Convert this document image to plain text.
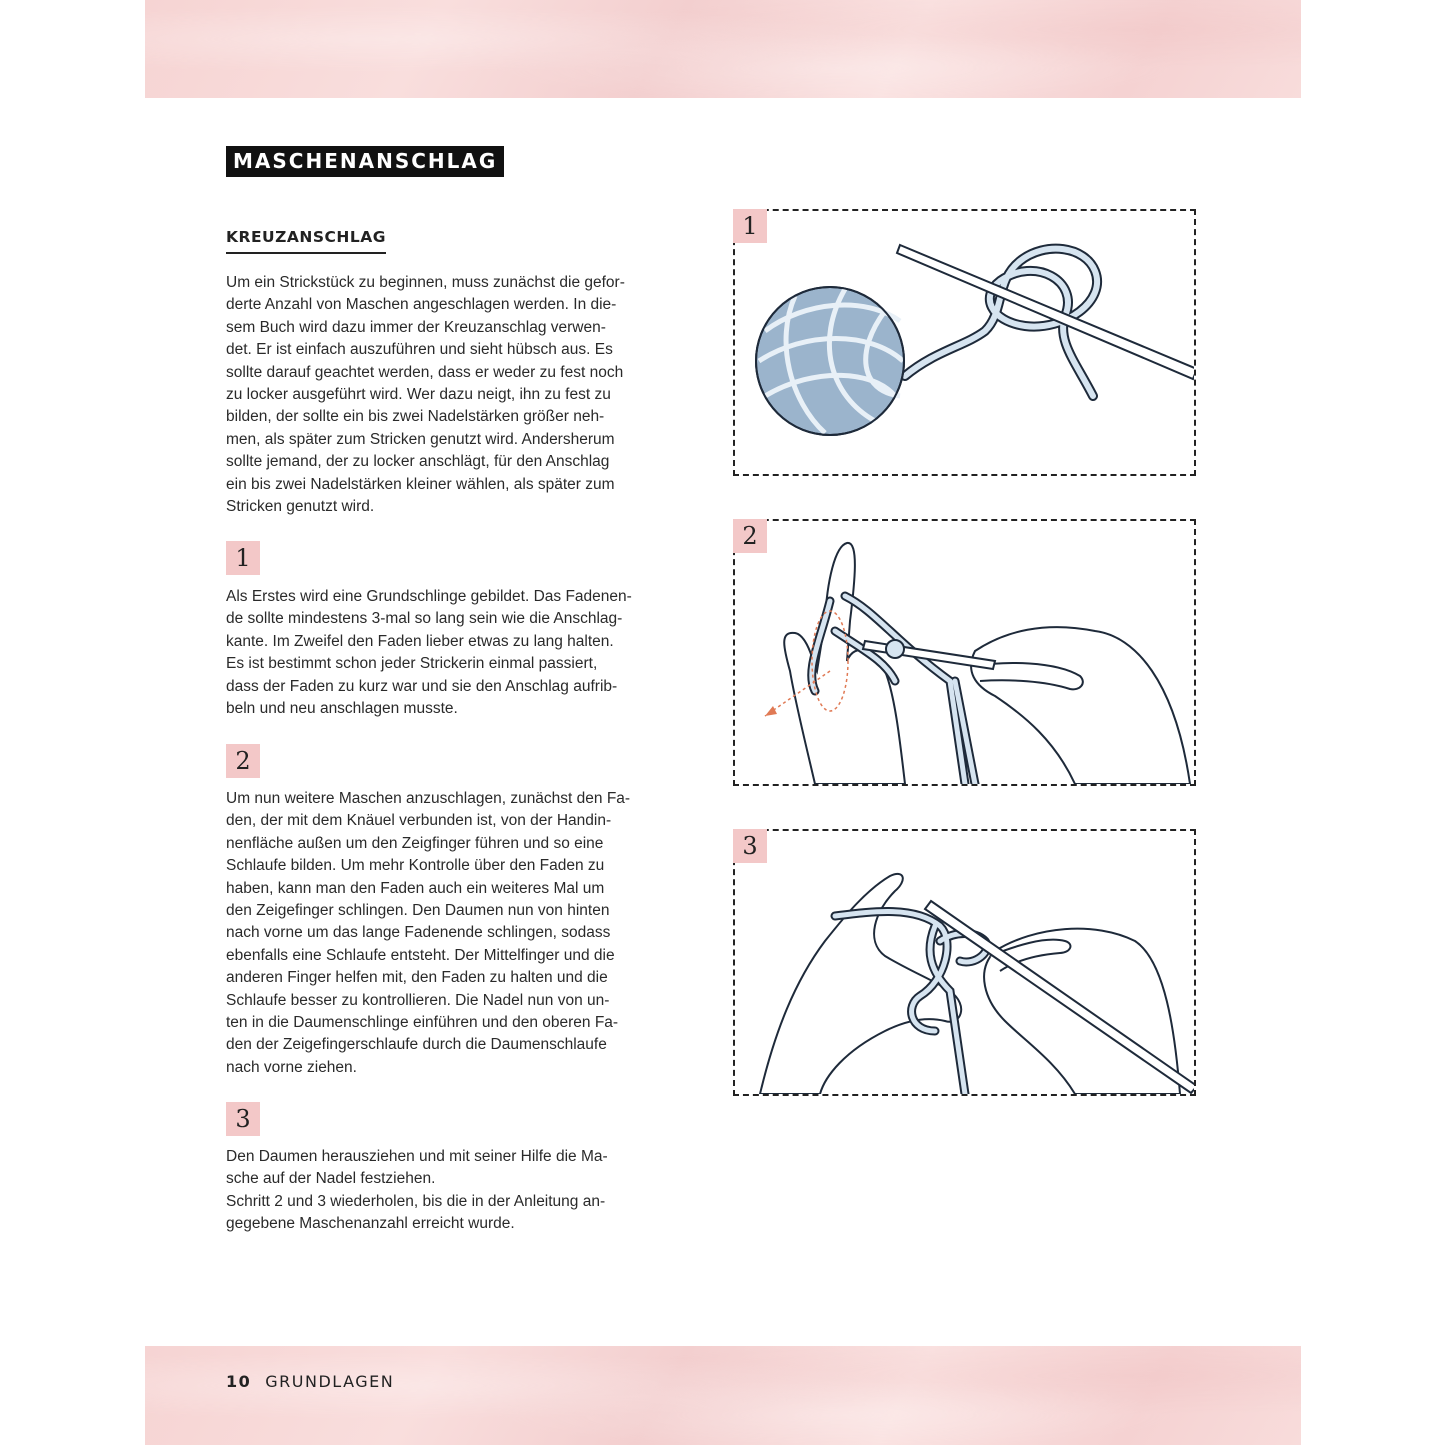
MASCHENANSCHLAG
KREUZANSCHLAG
Um ein Strickstück zu beginnen, muss zunächst die gefor-
derte Anzahl von Maschen angeschlagen werden. In die-
sem Buch wird dazu immer der Kreuzanschlag verwen-
det. Er ist einfach auszuführen und sieht hübsch aus. Es
sollte darauf geachtet werden, dass er weder zu fest noch
zu locker ausgeführt wird. Wer dazu neigt, ihn zu fest zu
bilden, der sollte ein bis zwei Nadelstärken größer neh-
men, als später zum Stricken genutzt wird. Andersherum
sollte jemand, der zu locker anschlägt, für den Anschlag
ein bis zwei Nadelstärken kleiner wählen, als später zum
Stricken genutzt wird.
1
Als Erstes wird eine Grundschlinge gebildet. Das Fadenen-
de sollte mindestens 3-mal so lang sein wie die Anschlag-
kante. Im Zweifel den Faden lieber etwas zu lang halten.
Es ist bestimmt schon jeder Strickerin einmal passiert,
dass der Faden zu kurz war und sie den Anschlag aufrib-
beln und neu anschlagen musste.
2
Um nun weitere Maschen anzuschlagen, zunächst den Fa-
den, der mit dem Knäuel verbunden ist, von der Handin-
nenfläche außen um den Zeigfinger führen und so eine
Schlaufe bilden. Um mehr Kontrolle über den Faden zu
haben, kann man den Faden auch ein weiteres Mal um
den Zeigefinger schlingen. Den Daumen nun von hinten
nach vorne um das lange Fadenende schlingen, sodass
ebenfalls eine Schlaufe entsteht. Der Mittelfinger und die
anderen Finger helfen mit, den Faden zu halten und die
Schlaufe besser zu kontrollieren. Die Nadel nun von un-
ten in die Daumenschlinge einführen und den oberen Fa-
den der Zeigefingerschlaufe durch die Daumenschlaufe
nach vorne ziehen.
3
Den Daumen herausziehen und mit seiner Hilfe die Ma-
sche auf der Nadel festziehen.
Schritt 2 und 3 wiederholen, bis die in der Anleitung an-
gegebene Maschenanzahl erreicht wurde.
1
2
3
10 GRUNDLAGEN
